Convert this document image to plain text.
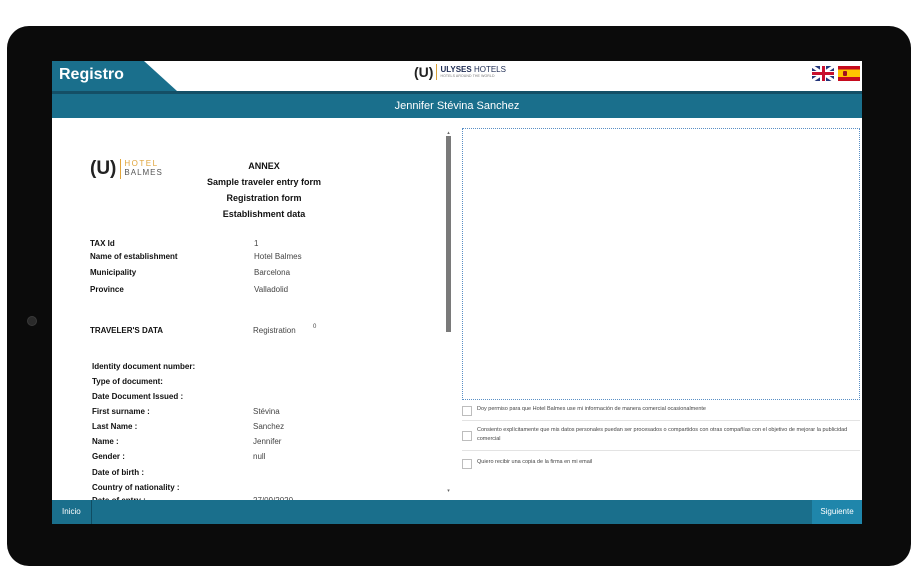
Registro	(U) ULYSES HOTELS
HOTELS AROUND THE WORLD
Jennifer Stévina Sanchez
(U) HOTEL
BALMES
ANNEX
Sample traveler entry form
Registration form
Establishment data
TAX Id	1
Name of establishment	Hotel Balmes
Municipality	Barcelona
Province	Valladolid
TRAVELER'S DATA	Registration	0
Identity document number:
Type of document:
Date Document Issued :
First surname :	Stévina
Last Name :	Sanchez
Name :	Jennifer
Gender :	null
Date of birth :
Country of nationality :
▴
▾
Doy permiso para que Hotel Balmes use mi información de manera comercial ocasionalmente
Consiento explícitamente que mis datos personales puedan ser procesados o compartidos con otras compañías con el objetivo de mejorar la publicidad comercial
Quiero recibir una copia de la firma en mi email
Inicio	Siguiente
